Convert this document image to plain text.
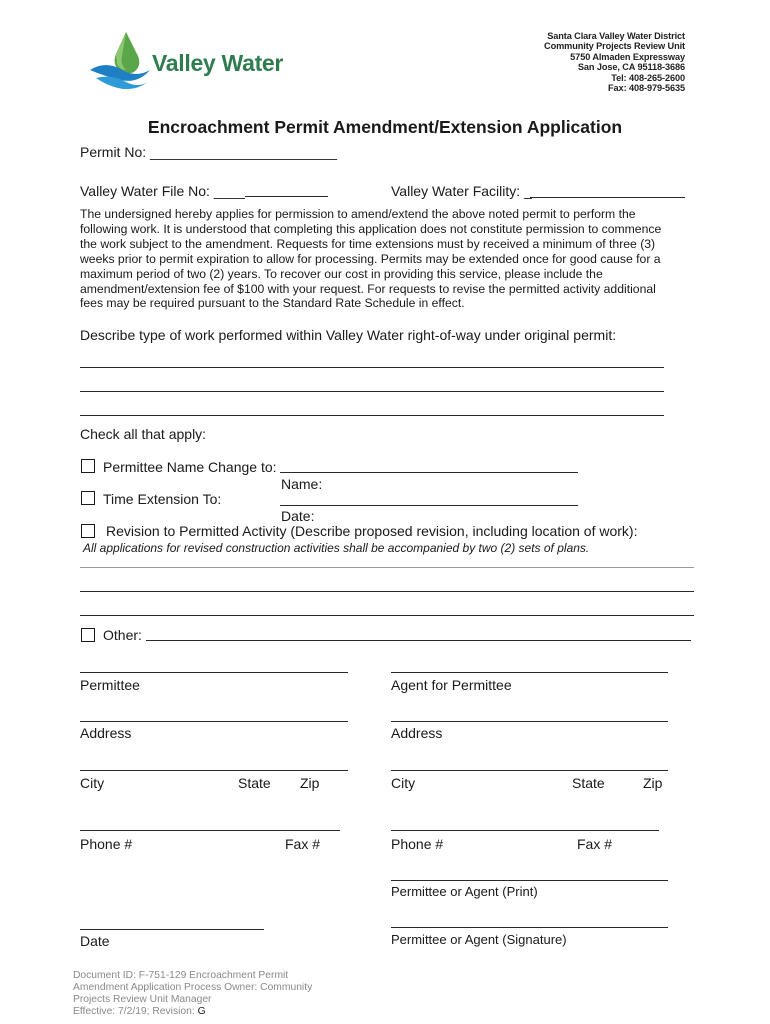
Valley Water
Santa Clara Valley Water District
Community Projects Review Unit
5750 Almaden Expressway
San Jose, CA 95118-3686
Tel: 408-265-2600
Fax: 408-979-5635
Encroachment Permit Amendment/Extension Application
Permit No: ________________________
Valley Water File No: ____	Valley Water Facility: _
The undersigned hereby applies for permission to amend/extend the above noted permit to perform the
following work. It is understood that completing this application does not constitute permission to commence
the work subject to the amendment. Requests for time extensions must by received a minimum of three (3)
weeks prior to permit expiration to allow for processing. Permits may be extended once for good cause for a
maximum period of two (2) years. To recover our cost in providing this service, please include the
amendment/extension fee of $100 with your request. For requests to revise the permitted activity additional
fees may be required pursuant to the Standard Rate Schedule in effect.
Describe type of work performed within Valley Water right-of-way under original permit:
Check all that apply:
Permittee Name Change to:
Name:
Time Extension To:
Date:
Revision to Permitted Activity (Describe proposed revision, including location of work):
All applications for revised construction activities shall be accompanied by two (2) sets of plans.
Other:
Permittee
Address
City	State Zip
Phone #	Fax #
Agent for Permittee
Address
City	State	Zip
Phone #	Fax #
Permittee or Agent (Print)
Permittee or Agent (Signature)
Date
Document ID: F-751-129 Encroachment Permit
Amendment Application Process Owner: Community
Projects Review Unit Manager
Effective: 7/2/19; Revision: G
